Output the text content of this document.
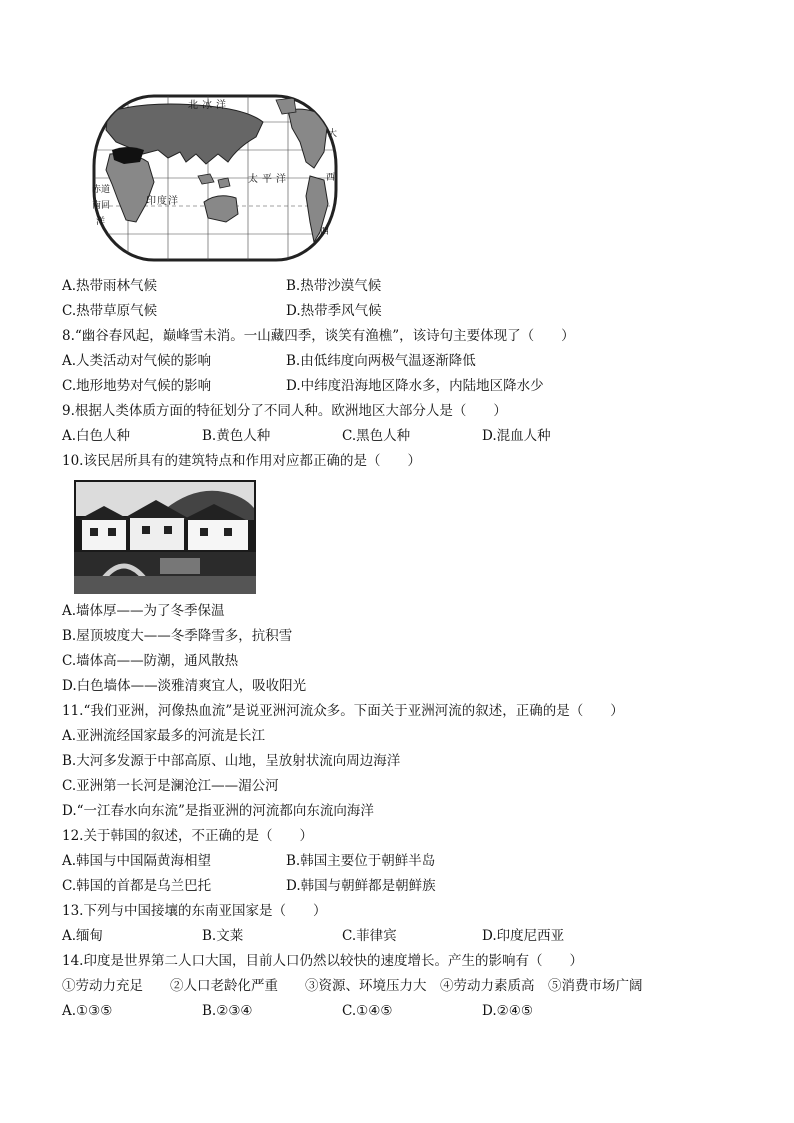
北冰洋
太平洋
印度洋
赤道
南回
洋
大
西
西
A.热带雨林气候	B.热带沙漠气候
C.热带草原气候	D.热带季风气候
8.“幽谷春风起，巅峰雪未消。一山藏四季，谈笑有渔樵”，该诗句主要体现了（　　）
A.人类活动对气候的影响	B.由低纬度向两极气温逐渐降低
C.地形地势对气候的影响	D.中纬度沿海地区降水多，内陆地区降水少
9.根据人类体质方面的特征划分了不同人种。欧洲地区大部分人是（　　）
A.白色人种	B.黄色人种	C.黑色人种	D.混血人种
10.该民居所具有的建筑特点和作用对应都正确的是（　　）
A.墙体厚——为了冬季保温
B.屋顶坡度大——冬季降雪多，抗积雪
C.墙体高——防潮，通风散热
D.白色墙体——淡雅清爽宜人，吸收阳光
11.“我们亚洲，河像热血流”是说亚洲河流众多。下面关于亚洲河流的叙述，正确的是（　　）
A.亚洲流经国家最多的河流是长江
B.大河多发源于中部高原、山地，呈放射状流向周边海洋
C.亚洲第一长河是澜沧江——湄公河
D.“一江春水向东流”是指亚洲的河流都向东流向海洋
12.关于韩国的叙述，不正确的是（　　）
A.韩国与中国隔黄海相望	B.韩国主要位于朝鲜半岛
C.韩国的首都是乌兰巴托	D.韩国与朝鲜都是朝鲜族
13.下列与中国接壤的东南亚国家是（　　）
A.缅甸	B.文莱	C.菲律宾	D.印度尼西亚
14.印度是世界第二人口大国，目前人口仍然以较快的速度增长。产生的影响有（　　）
①劳动力充足　　②人口老龄化严重　　③资源、环境压力大　④劳动力素质高　⑤消费市场广阔
A.①③⑤	B.②③④	C.①④⑤	D.②④⑤
